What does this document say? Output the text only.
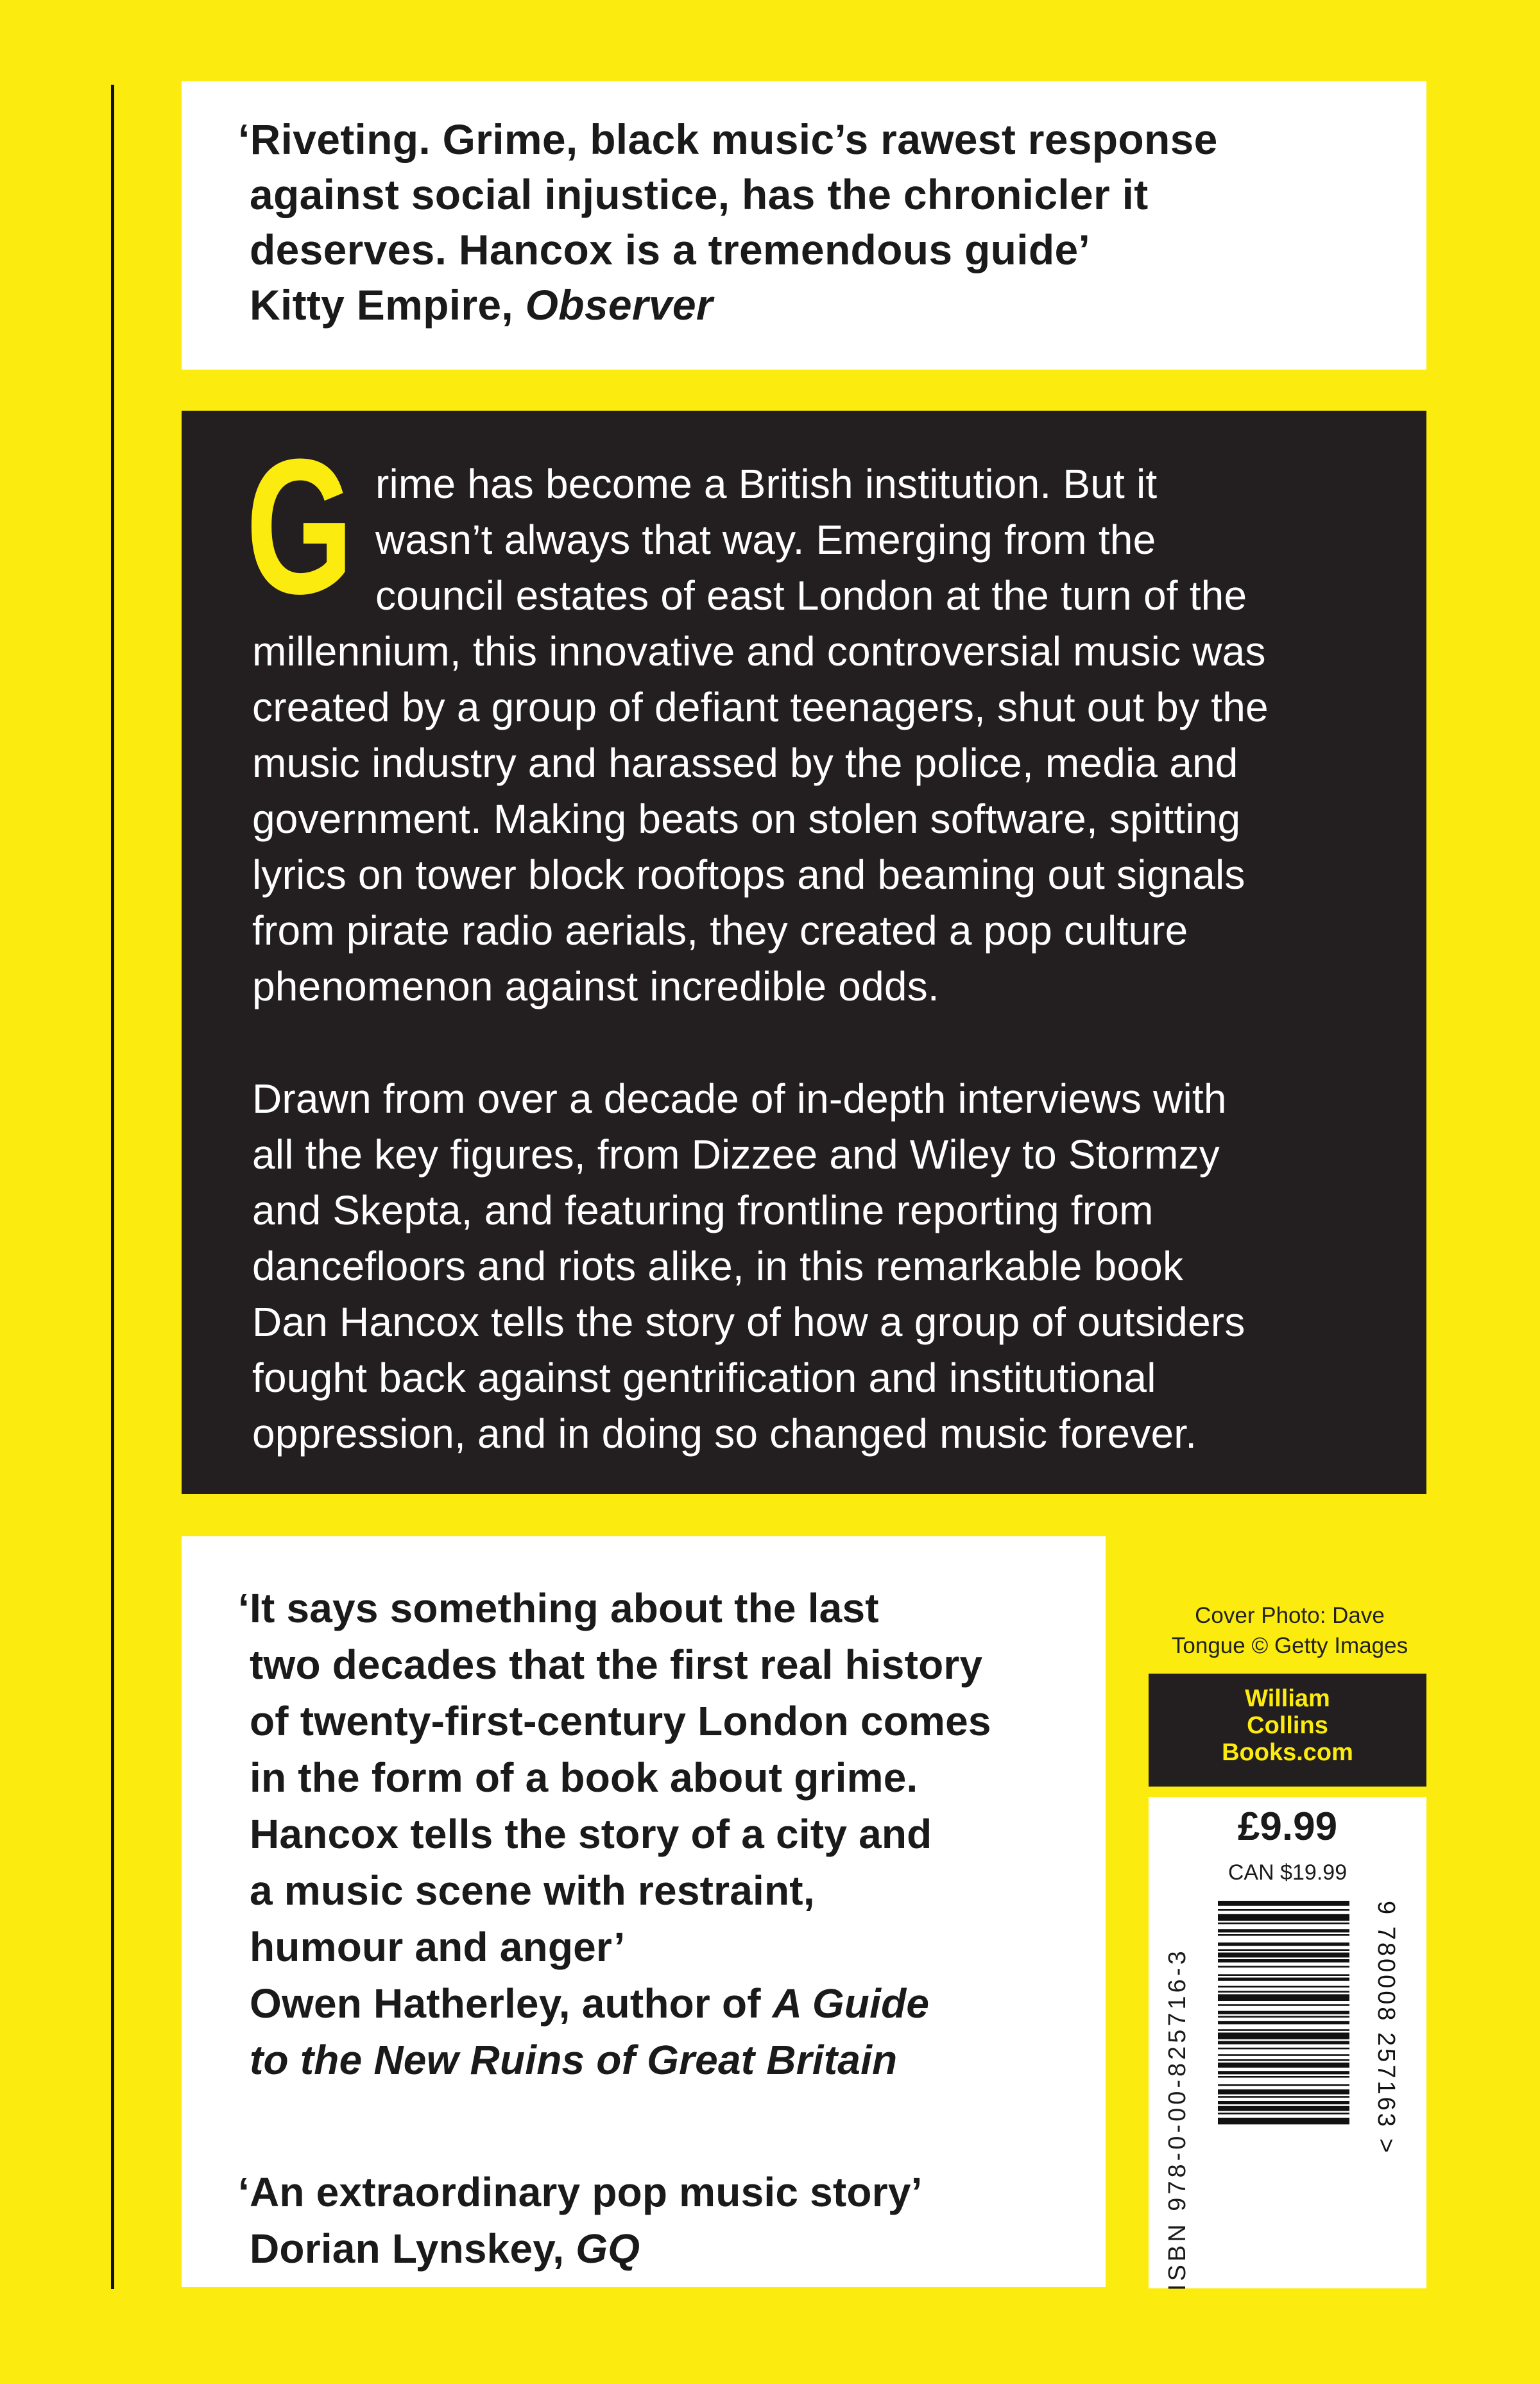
‘Riveting. Grime, black music’s rawest response
against social injustice, has the chronicler it
deserves. Hancox is a tremendous guide’
Kitty Empire, Observer
G rime has become a British institution. But it
wasn’t always that way. Emerging from the
council estates of east London at the turn of the
millennium, this innovative and controversial music was
created by a group of defiant teenagers, shut out by the
music industry and harassed by the police, media and
government. Making beats on stolen software, spitting
lyrics on tower block rooftops and beaming out signals
from pirate radio aerials, they created a pop culture
phenomenon against incredible odds.
Drawn from over a decade of in-depth interviews with
all the key figures, from Dizzee and Wiley to Stormzy
and Skepta, and featuring frontline reporting from
dancefloors and riots alike, in this remarkable book
Dan Hancox tells the story of how a group of outsiders
fought back against gentrification and institutional
oppression, and in doing so changed music forever.
‘It says something about the last
two decades that the first real history
of twenty-first-century London comes
in the form of a book about grime.
Hancox tells the story of a city and
a music scene with restraint,
humour and anger’
Owen Hatherley, author of A Guide
to the New Ruins of Great Britain
‘An extraordinary pop music story’
Dorian Lynskey, GQ
Cover Photo: Dave
Tongue © Getty Images
William
Collins
Books.com
£9.99
CAN $19.99
ISBN 978-0-00-825716-3	9 780008 257163 >
